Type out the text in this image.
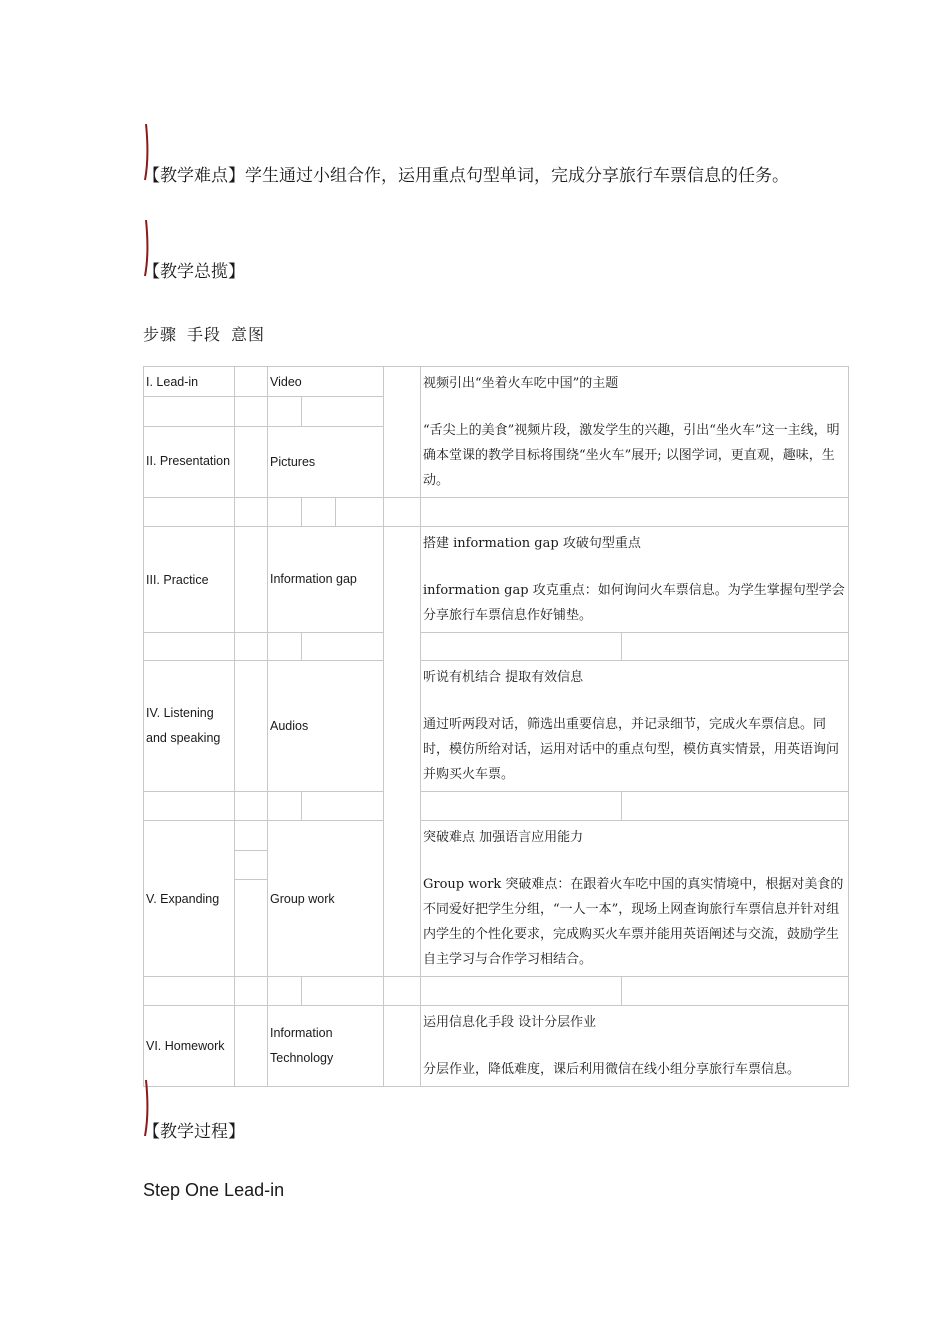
【教学难点】学生通过小组合作，运用重点句型单词，完成分享旅行车票信息的任务。
【教学总揽】
步骤 手段 意图
I. Lead-in		Video				视频引出“坐着火车吃中国”的主题

“舌尖上的美食”视频片段，激发学生的兴趣，引出“坐火车”这一主线，明确本堂课的教学目标将围绕“坐火车”展开; 以图学词，更直观，趣味，生动。	

II. Presentation		Pictures					

III. Practice		Information gap				搭建 information gap 攻破句型重点

information gap 攻克重点：如何询问火车票信息。为学生掌握句型学会分享旅行车票信息作好铺垫。	

IV. Listening and speaking		Audios				听说有机结合 提取有效信息

通过听两段对话，筛选出重要信息，并记录细节，完成火车票信息。同时，模仿所给对话，运用对话中的重点句型，模仿真实情景，用英语询问并购买火车票。	

V. Expanding		Group work				突破难点 加强语言应用能力

Group work 突破难点：在跟着火车吃中国的真实情境中，根据对美食的不同爱好把学生分组，“一人一本”，现场上网查询旅行车票信息并针对组内学生的个性化要求，完成购买火车票并能用英语阐述与交流，鼓励学生自主学习与合作学习相结合。	

VI. Homework		Information Technology				运用信息化手段 设计分层作业

分层作业，降低难度，课后利用微信在线小组分享旅行车票信息。	

【教学过程】
Step One Lead-in
